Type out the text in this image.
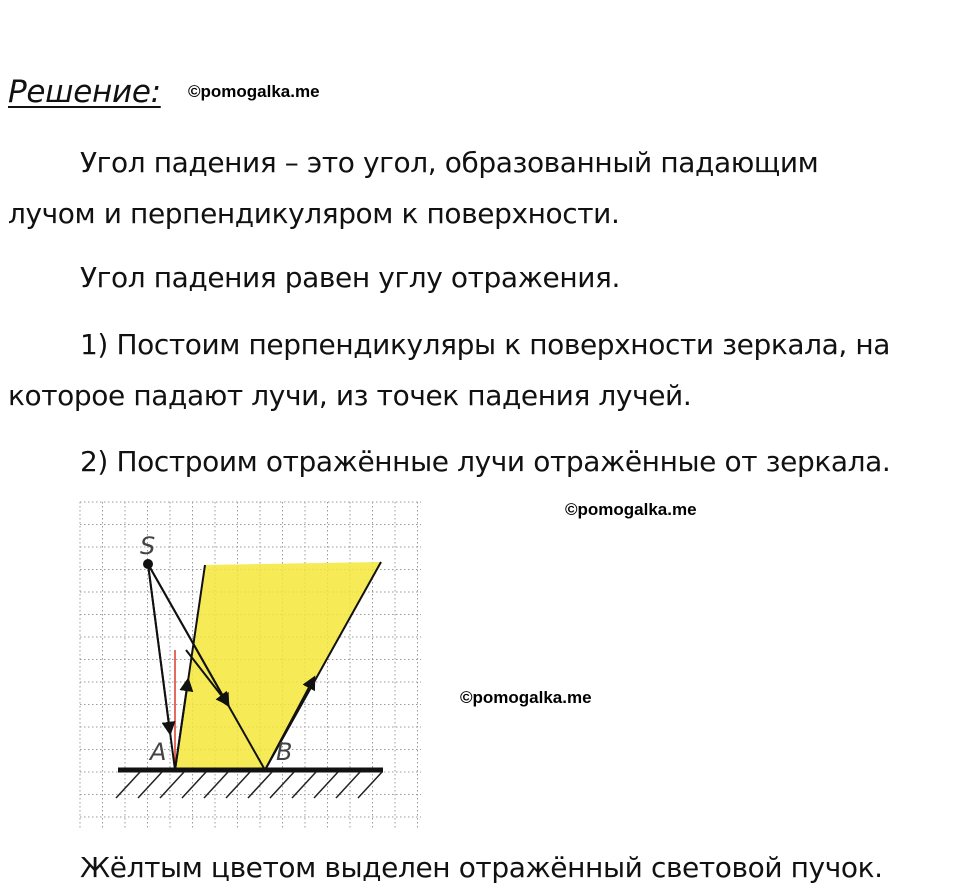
Решение: ©pomogalka.me

Угол падения – это угол, образованный падающим
лучом и перпендикуляром к поверхности.

Угол падения равен углу отражения.

1) Постоим перпендикуляры к поверхности зеркала, на
которое падают лучи, из точек падения лучей.

2) Построим отражённые лучи отражённые от зеркала.

©pomogalka.me
©pomogalka.me
S
A	B

Жёлтым цветом выделен отражённый световой пучок.
